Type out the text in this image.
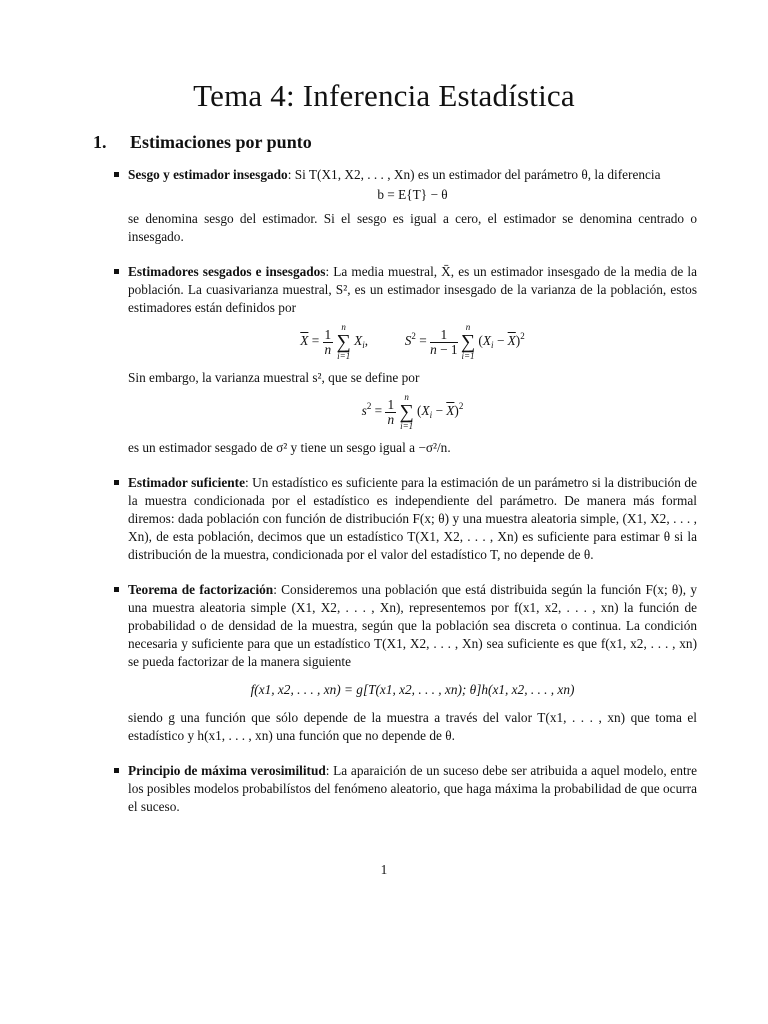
Tema 4: Inferencia Estadística
1. Estimaciones por punto

Sesgo y estimador insesgado: Si T(X1, X2, . . . , Xn) es un estimador del parámetro θ, la diferencia

b = E{T} − θ

se denomina sesgo del estimador. Si el sesgo es igual a cero, el estimador se denomina centrado o insesgado.

Estimadores sesgados e insesgados: La media muestral, X̄, es un estimador insesgado de la media de la población. La cuasivarianza muestral, S², es un estimador insesgado de la varianza de la población, estos estimadores están definidos por

$\overline{X} = \frac{1}{n}$

n
∑
i=1
$X_i$,	$S^2 = \frac{1}{n - 1}$

n
∑
i=1
$(X_i - \overline{X})^2$

Sin embargo, la varianza muestral s², que se define por

$s^2 = \frac{1}{n}$

n
∑
i=1
$(X_i - \overline{X})^2$

es un estimador sesgado de σ² y tiene un sesgo igual a −σ²/n.

Estimador suficiente: Un estadístico es suficiente para la estimación de un parámetro si la distribución de la muestra condicionada por el estadístico es independiente del parámetro. De manera más formal diremos: dada población con función de distribución F(x; θ) y una muestra aleatoria simple, (X1, X2, . . . , Xn), de esta población, decimos que un estadístico T(X1, X2, . . . , Xn) es suficiente para estimar θ si la distribución de la muestra, condicionada por el valor del estadístico T, no depende de θ.

Teorema de factorización: Consideremos una población que está distribuida según la función F(x; θ), y una muestra aleatoria simple (X1, X2, . . . , Xn), representemos por f(x1, x2, . . . , xn) la función de probabilidad o de densidad de la muestra, según que la población sea discreta o continua. La condición necesaria y suficiente para que un estadístico T(X1, X2, . . . , Xn) sea suficiente es que f(x1, x2, . . . , xn) se pueda factorizar de la manera siguiente

f(x1, x2, . . . , xn) = g[T(x1, x2, . . . , xn); θ]h(x1, x2, . . . , xn)

siendo g una función que sólo depende de la muestra a través del valor T(x1, . . . , xn) que toma el estadístico y h(x1, . . . , xn) una función que no depende de θ.

Principio de máxima verosimilitud: La aparaición de un suceso debe ser atribuida a aquel modelo, entre los posibles modelos probabilístos del fenómeno aleatorio, que haga máxima la probabilidad de que ocurra el suceso.

1
